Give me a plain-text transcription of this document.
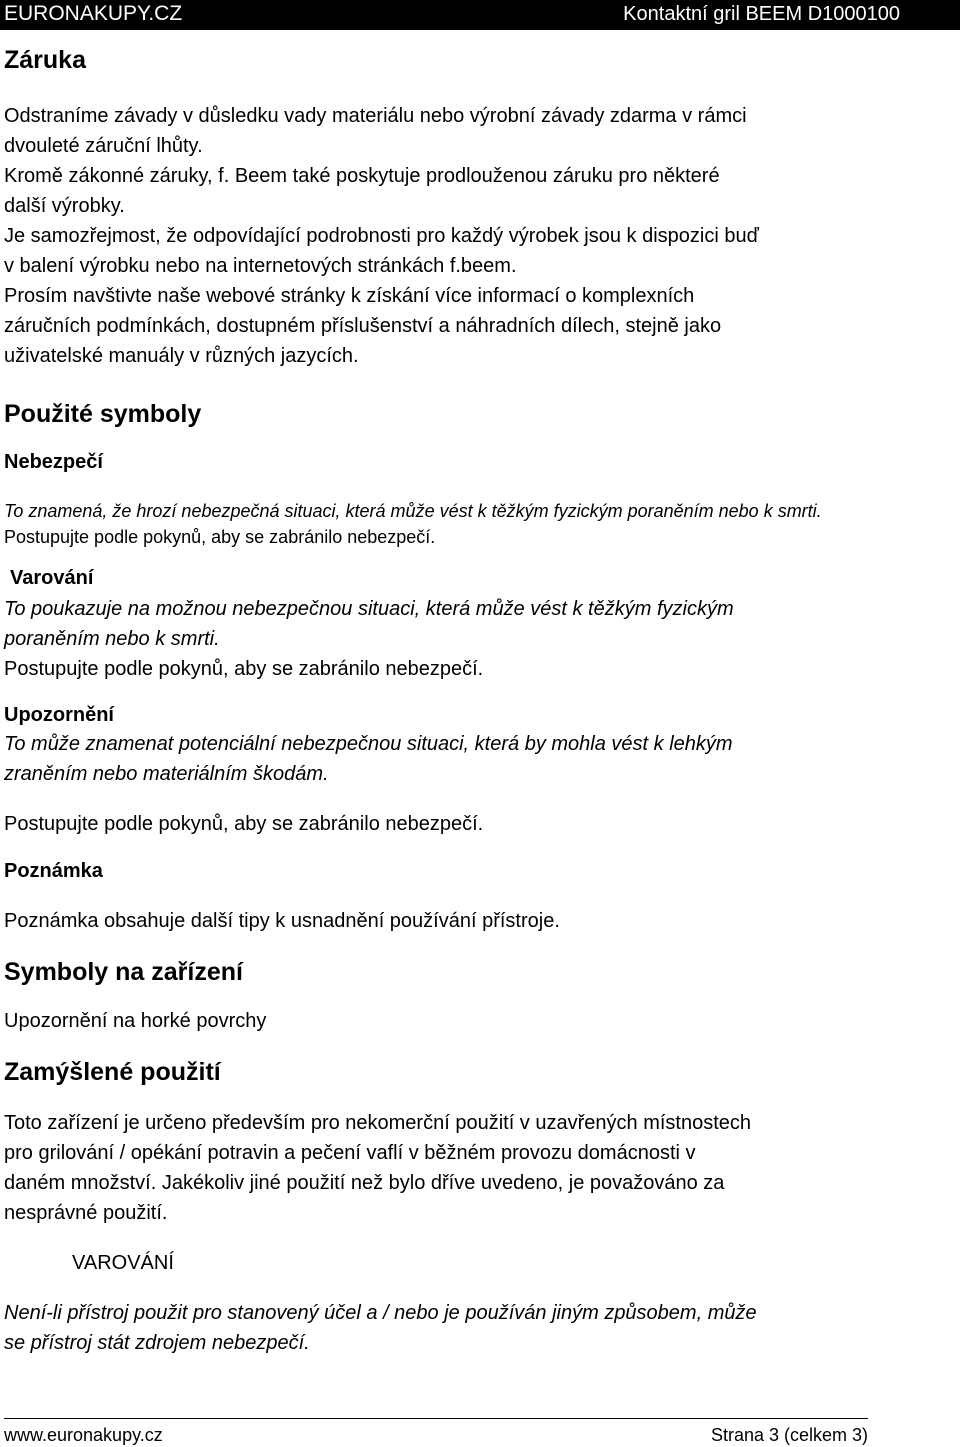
EURONAKUPY.CZ	Kontaktní gril BEEM D1000100
Záruka

Odstraníme závady v důsledku vady materiálu nebo výrobní závady zdarma v rámci

dvouleté záruční lhůty.

Kromě zákonné záruky, f. Beem také poskytuje prodlouženou záruku pro některé

další výrobky.

Je samozřejmost, že odpovídající podrobnosti pro každý výrobek jsou k dispozici buď

v balení výrobku nebo na internetových stránkách f.beem.

Prosím navštivte naše webové stránky k získání více informací o komplexních

záručních podmínkách, dostupném příslušenství a náhradních dílech, stejně jako

uživatelské manuály v různých jazycích.

Použité symboly
Nebezpečí

To znamená, že hrozí nebezpečná situaci, která může vést k těžkým fyzickým poraněním nebo k smrti.

Postupujte podle pokynů, aby se zabránilo nebezpečí.

Varování

To poukazuje na možnou nebezpečnou situaci, která může vést k těžkým fyzickým

poraněním nebo k smrti.

Postupujte podle pokynů, aby se zabránilo nebezpečí.

Upozornění

To může znamenat potenciální nebezpečnou situaci, která by mohla vést k lehkým

zraněním nebo materiálním škodám.

Postupujte podle pokynů, aby se zabránilo nebezpečí.

Poznámka

Poznámka obsahuje další tipy k usnadnění používání přístroje.

Symboly na zařízení

Upozornění na horké povrchy

Zamýšlené použití

Toto zařízení je určeno především pro nekomerční použití v uzavřených místnostech

pro grilování / opékání potravin a pečení vaflí v běžném provozu domácnosti v

daném množství. Jakékoliv jiné použití než bylo dříve uvedeno, je považováno za

nesprávné použití.

VAROVÁNÍ

Není-li přístroj použit pro stanovený účel a / nebo je používán jiným způsobem, může

se přístroj stát zdrojem nebezpečí.

www.euronakupy.cz	Strana 3 (celkem 3)
